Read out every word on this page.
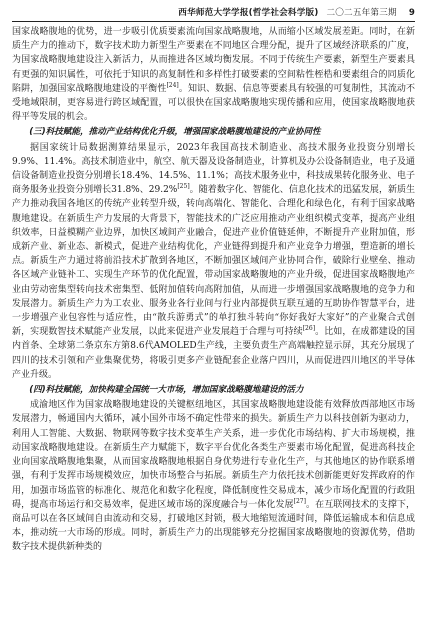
西华师范大学学报(哲学社会科学版) 二〇二五年第三期 9

国家战略腹地的优势，进一步吸引优质要素流向国家战略腹地，从而缩小区域发展差距。同时，在新质生产力的推动下，数字技术助力新型生产要素在不同地区合理分配，提升了区域经济联系的广度，为国家战略腹地建设注入新活力，从而推进各区域均衡发展。不同于传统生产要素，新型生产要素具有更强的知识属性，可依托于知识的高复制性和多样性打破要素的空间粘性桎梏和要素组合的同质化陷阱，加强国家战略腹地建设的平衡性[24]。知识、数据、信息等要素具有较强的可复制性，其流动不受地域限制，更容易进行跨区域配置，可以很快在国家战略腹地实现传播和应用，使国家战略腹地获得平等发展的机会。

(三)科技赋能，推动产业结构优化升级，增强国家战略腹地建设的产业协同性

据国家统计局数据测算结果显示，2023年我国高技术制造业、高技术服务业投资分别增长9.9%、11.4%。高技术制造业中，航空、航天器及设备制造业，计算机及办公设备制造业，电子及通信设备制造业投资分别增长18.4%、14.5%、11.1%；高技术服务业中，科技成果转化服务业、电子商务服务业投资分别增长31.8%、29.2%[25]。随着数字化、智能化、信息化技术的迅猛发展，新质生产力推动我国各地区的传统产业转型升级，转向高端化、智能化、合理化和绿色化，有利于国家战略腹地建设。在新质生产力发展的大背景下，智能技术的广泛应用推动产业组织模式变革，提高产业组织效率，日益模糊产业边界，加快区域间产业融合，促进产业价值链延伸，不断提升产业附加值，形成新产业、新业态、新模式，促进产业结构优化，产业链得到提升和产业竞争力增强，塑造新的增长点。新质生产力通过将前沿技术扩散到各地区，不断加强区域间产业协同合作，破除行业壁垒、推动各区域产业链补工、实现生产环节的优化配置，带动国家战略腹地的产业升级，促进国家战略腹地产业由劳动密集型转向技术密集型、低附加值转向高附加值，从而进一步增强国家战略腹地的竞争力和发展潜力。新质生产力为工农业、服务业各行业间与行业内部提供互联互通的互助协作智慧平台，进一步增强产业包容性与适应性，由“散兵游勇式”的单打独斗转向“你好我好大家好”的产业聚合式创新，实现数智技术赋能产业发展，以此来促进产业发展趋于合理与可持续[26]。比如，在成都建设的国内首条、全球第二条京东方第8.6代AMOLED生产线，主要负责生产高端触控显示屏，其充分展现了四川的技术引领和产业集聚优势，将吸引更多产业链配套企业落户四川，从而促进四川地区的半导体产业升级。

(四)科技赋能，加快构建全国统一大市场，增加国家战略腹地建设的活力

成渝地区作为国家战略腹地建设的关键枢纽地区，其国家战略腹地建设能有效释放西部地区市场发展潜力，畅通国内大循环，减小国外市场不确定性带来的损失。新质生产力以科技创新为驱动力，利用人工智能、大数据、物联网等数字技术变革生产关系，进一步优化市场结构、扩大市场规模，推动国家战略腹地建设。在新质生产力赋能下，数字平台优化各类生产要素市场化配置，促进高科技企业向国家战略腹地集聚，从而国家战略腹地根据自身优势进行专业化生产，与其他地区的协作联系增强，有利于发挥市场规模效应，加快市场整合与拓展。新质生产力依托技术创新能更好发挥政府的作用，加强市场监管的标准化、规范化和数字化程度，降低制度性交易成本，减少市场化配置的行政阻碍，提高市场运行和交易效率，促进区域市场的深度融合与一体化发展[27]。在互联网技术的支撑下，商品可以在各区域间自由流动和交易，打破地区封锁，极大地缩短流通时间，降低运输成本和信息成本，推动统一大市场的形成。同时，新质生产力的出现能够充分挖掘国家战略腹地的资源优势，借助数字技术提供新种类的
